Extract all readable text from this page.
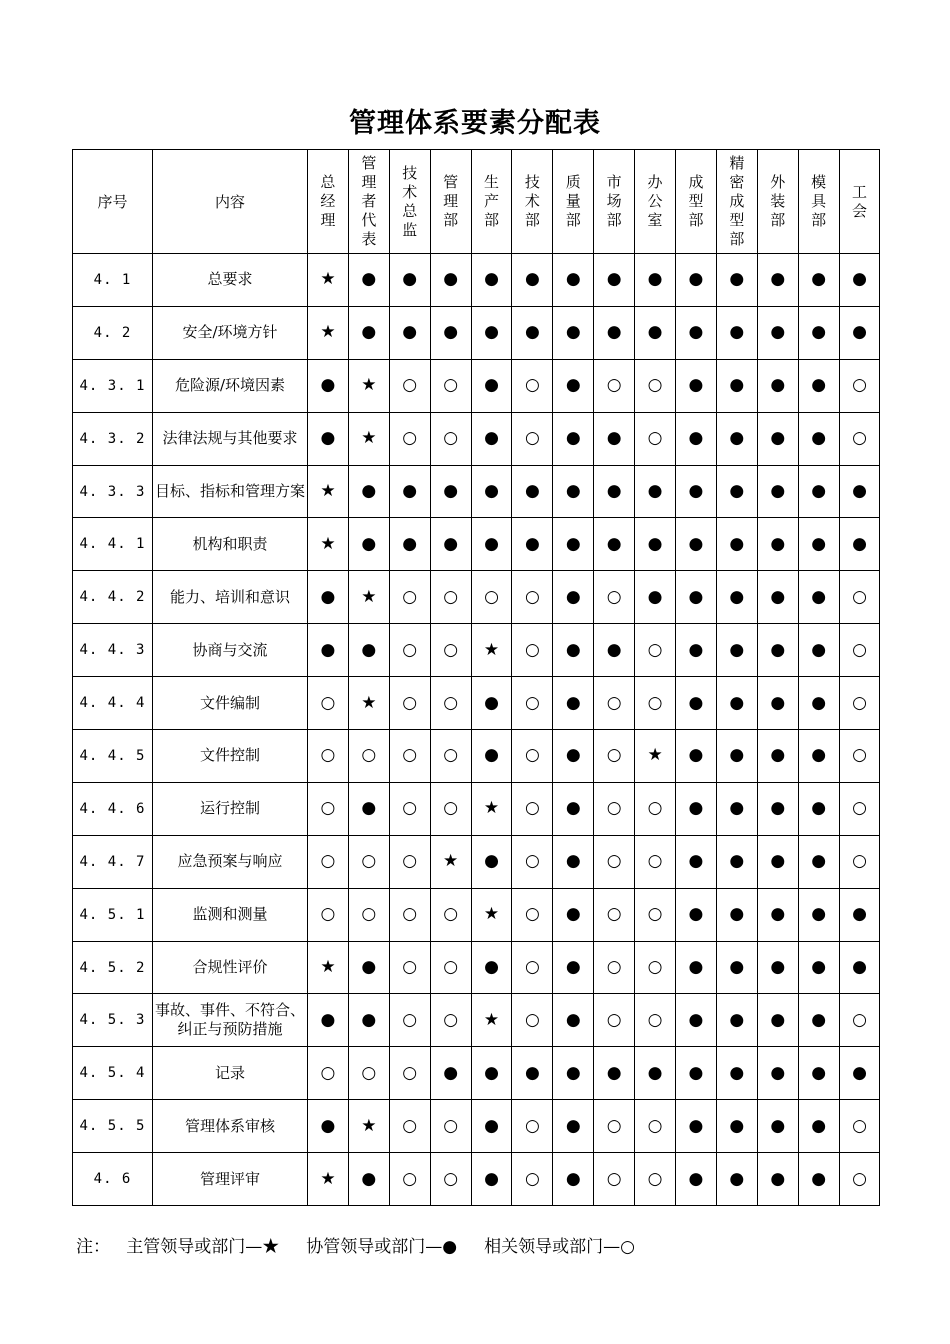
管理体系要素分配表
序号	内容	总经理	管理者代表	技术总监	管理部	生产部	技术部	质量部	市场部	办公室	成型部	精密成型部	外装部	模具部	工会
4. 1	总要求	★	●	●	●	●	●	●	●	●	●	●	●	●	●
4. 2	安全/环境方针	★	●	●	●	●	●	●	●	●	●	●	●	●	●
4. 3. 1	危险源/环境因素	●	★	○	○	●	○	●	○	○	●	●	●	●	○
4. 3. 2	法律法规与其他要求	●	★	○	○	●	○	●	●	○	●	●	●	●	○
4. 3. 3	目标、指标和管理方案	★	●	●	●	●	●	●	●	●	●	●	●	●	●
4. 4. 1	机构和职责	★	●	●	●	●	●	●	●	●	●	●	●	●	●
4. 4. 2	能力、培训和意识	●	★	○	○	○	○	●	○	●	●	●	●	●	○
4. 4. 3	协商与交流	●	●	○	○	★	○	●	●	○	●	●	●	●	○
4. 4. 4	文件编制	○	★	○	○	●	○	●	○	○	●	●	●	●	○
4. 4. 5	文件控制	○	○	○	○	●	○	●	○	★	●	●	●	●	○
4. 4. 6	运行控制	○	●	○	○	★	○	●	○	○	●	●	●	●	○
4. 4. 7	应急预案与响应	○	○	○	★	●	○	●	○	○	●	●	●	●	○
4. 5. 1	监测和测量	○	○	○	○	★	○	●	○	○	●	●	●	●	●
4. 5. 2	合规性评价	★	●	○	○	●	○	●	○	○	●	●	●	●	●
4. 5. 3	事故、事件、不符合、纠正与预防措施	●	●	○	○	★	○	●	○	○	●	●	●	●	○
4. 5. 4	记录	○	○	○	●	●	●	●	●	●	●	●	●	●	●
4. 5. 5	管理体系审核	●	★	○	○	●	○	●	○	○	●	●	●	●	○
4. 6	管理评审	★	●	○	○	●	○	●	○	○	●	●	●	●	○
注：   主管领导或部门—★     协管领导或部门—●     相关领导或部门—○
